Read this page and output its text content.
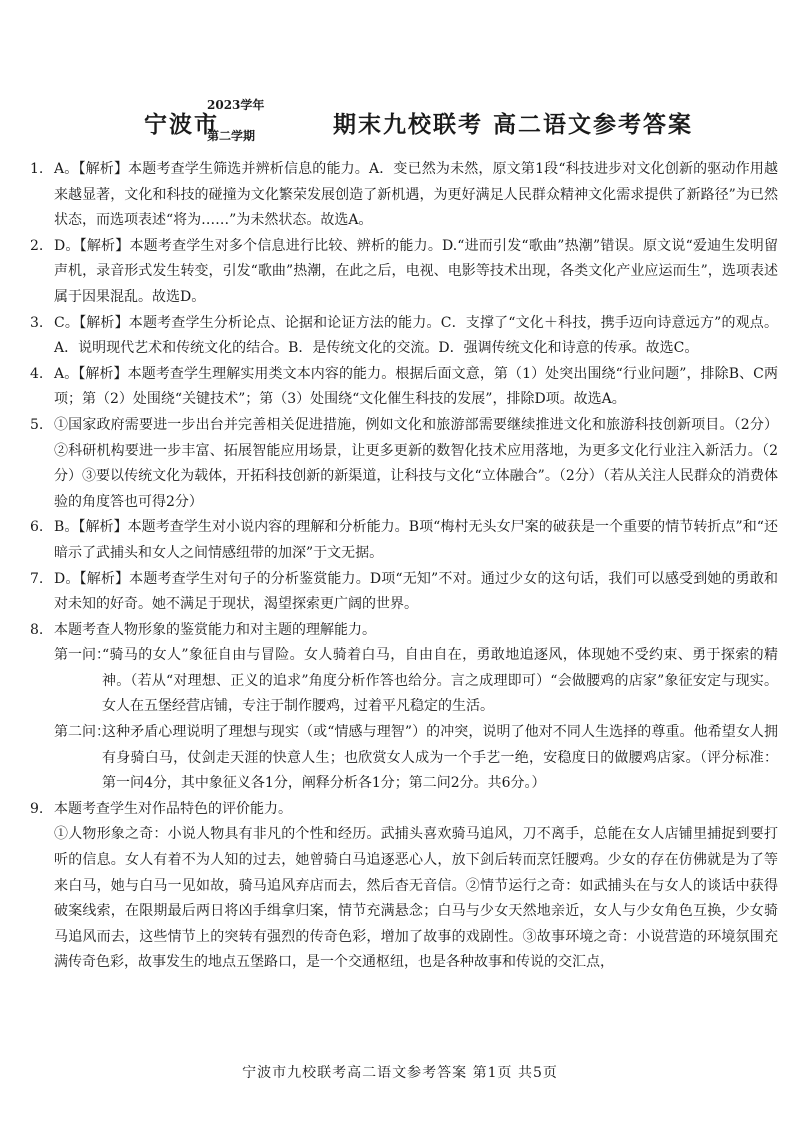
宁波市
2023学年
第二学期	期末九校联考 高二语文参考答案
1. A。【解析】本题考查学生筛选并辨析信息的能力。A．变已然为未然，原文第1段“科技进步对文化创新的驱动作用越来越显著，文化和科技的碰撞为文化繁荣发展创造了新机遇，为更好满足人民群众精神文化需求提供了新路径”为已然状态，而选项表述“将为……”为未然状态。故选A。
2. D。【解析】本题考查学生对多个信息进行比较、辨析的能力。D.“进而引发“歌曲”热潮”错误。原文说“爱迪生发明留声机，录音形式发生转变，引发“歌曲”热潮，在此之后，电视、电影等技术出现，各类文化产业应运而生”，选项表述属于因果混乱。故选D。
3. C。【解析】本题考查学生分析论点、论据和论证方法的能力。C．支撑了“文化＋科技，携手迈向诗意远方”的观点。A．说明现代艺术和传统文化的结合。B．是传统文化的交流。D．强调传统文化和诗意的传承。故选C。
4. A。【解析】本题考查学生理解实用类文本内容的能力。根据后面文意，第（1）处突出围绕“行业问题”，排除B、C两项；第（2）处围绕“关键技术”；第（3）处围绕“文化催生科技的发展”，排除D项。故选A。
5. ①国家政府需要进一步出台并完善相关促进措施，例如文化和旅游部需要继续推进文化和旅游科技创新项目。（2分）②科研机构要进一步丰富、拓展智能应用场景，让更多更新的数智化技术应用落地，为更多文化行业注入新活力。（2分）③要以传统文化为载体，开拓科技创新的新渠道，让科技与文化“立体融合”。（2分）（若从关注人民群众的消费体验的角度答也可得2分）
6. B。【解析】本题考查学生对小说内容的理解和分析能力。B项“梅村无头女尸案的破获是一个重要的情节转折点”和“还暗示了武捕头和女人之间情感纽带的加深”于文无据。
7. D。【解析】本题考查学生对句子的分析鉴赏能力。D项“无知”不对。通过少女的这句话，我们可以感受到她的勇敢和对未知的好奇。她不满足于现状，渴望探索更广阔的世界。
8. 本题考查人物形象的鉴赏能力和对主题的理解能力。
第一问：
“骑马的女人”象征自由与冒险。女人骑着白马，自由自在，勇敢地追逐风，体现她不受约束、勇于探索的精神。（若从“对理想、正义的追求”角度分析作答也给分。言之成理即可）“会做腰鸡的店家”象征安定与现实。女人在五堡经营店铺，专注于制作腰鸡，过着平凡稳定的生活。
第二问：
这种矛盾心理说明了理想与现实（或“情感与理智”）的冲突，说明了他对不同人生选择的尊重。他希望女人拥有身骑白马，仗剑走天涯的快意人生；也欣赏女人成为一个手艺一绝，安稳度日的做腰鸡店家。（评分标准：第一问4分，其中象征义各1分，阐释分析各1分；第二问2分。共6分。）
9. 本题考查学生对作品特色的评价能力。
①人物形象之奇：小说人物具有非凡的个性和经历。武捕头喜欢骑马追风，刀不离手，总能在女人店铺里捕捉到要打听的信息。女人有着不为人知的过去，她曾骑白马追逐恶心人，放下剑后转而烹饪腰鸡。少女的存在仿佛就是为了等来白马，她与白马一见如故，骑马追风弃店而去，然后杳无音信。②情节运行之奇：如武捕头在与女人的谈话中获得破案线索，在限期最后两日将凶手缉拿归案，情节充满悬念；白马与少女天然地亲近，女人与少女角色互换，少女骑马追风而去，这些情节上的突转有强烈的传奇色彩，增加了故事的戏剧性。③故事环境之奇：小说营造的环境氛围充满传奇色彩，故事发生的地点五堡路口，是一个交通枢纽，也是各种故事和传说的交汇点，
宁波市九校联考高二语文参考答案 第1页 共5页
